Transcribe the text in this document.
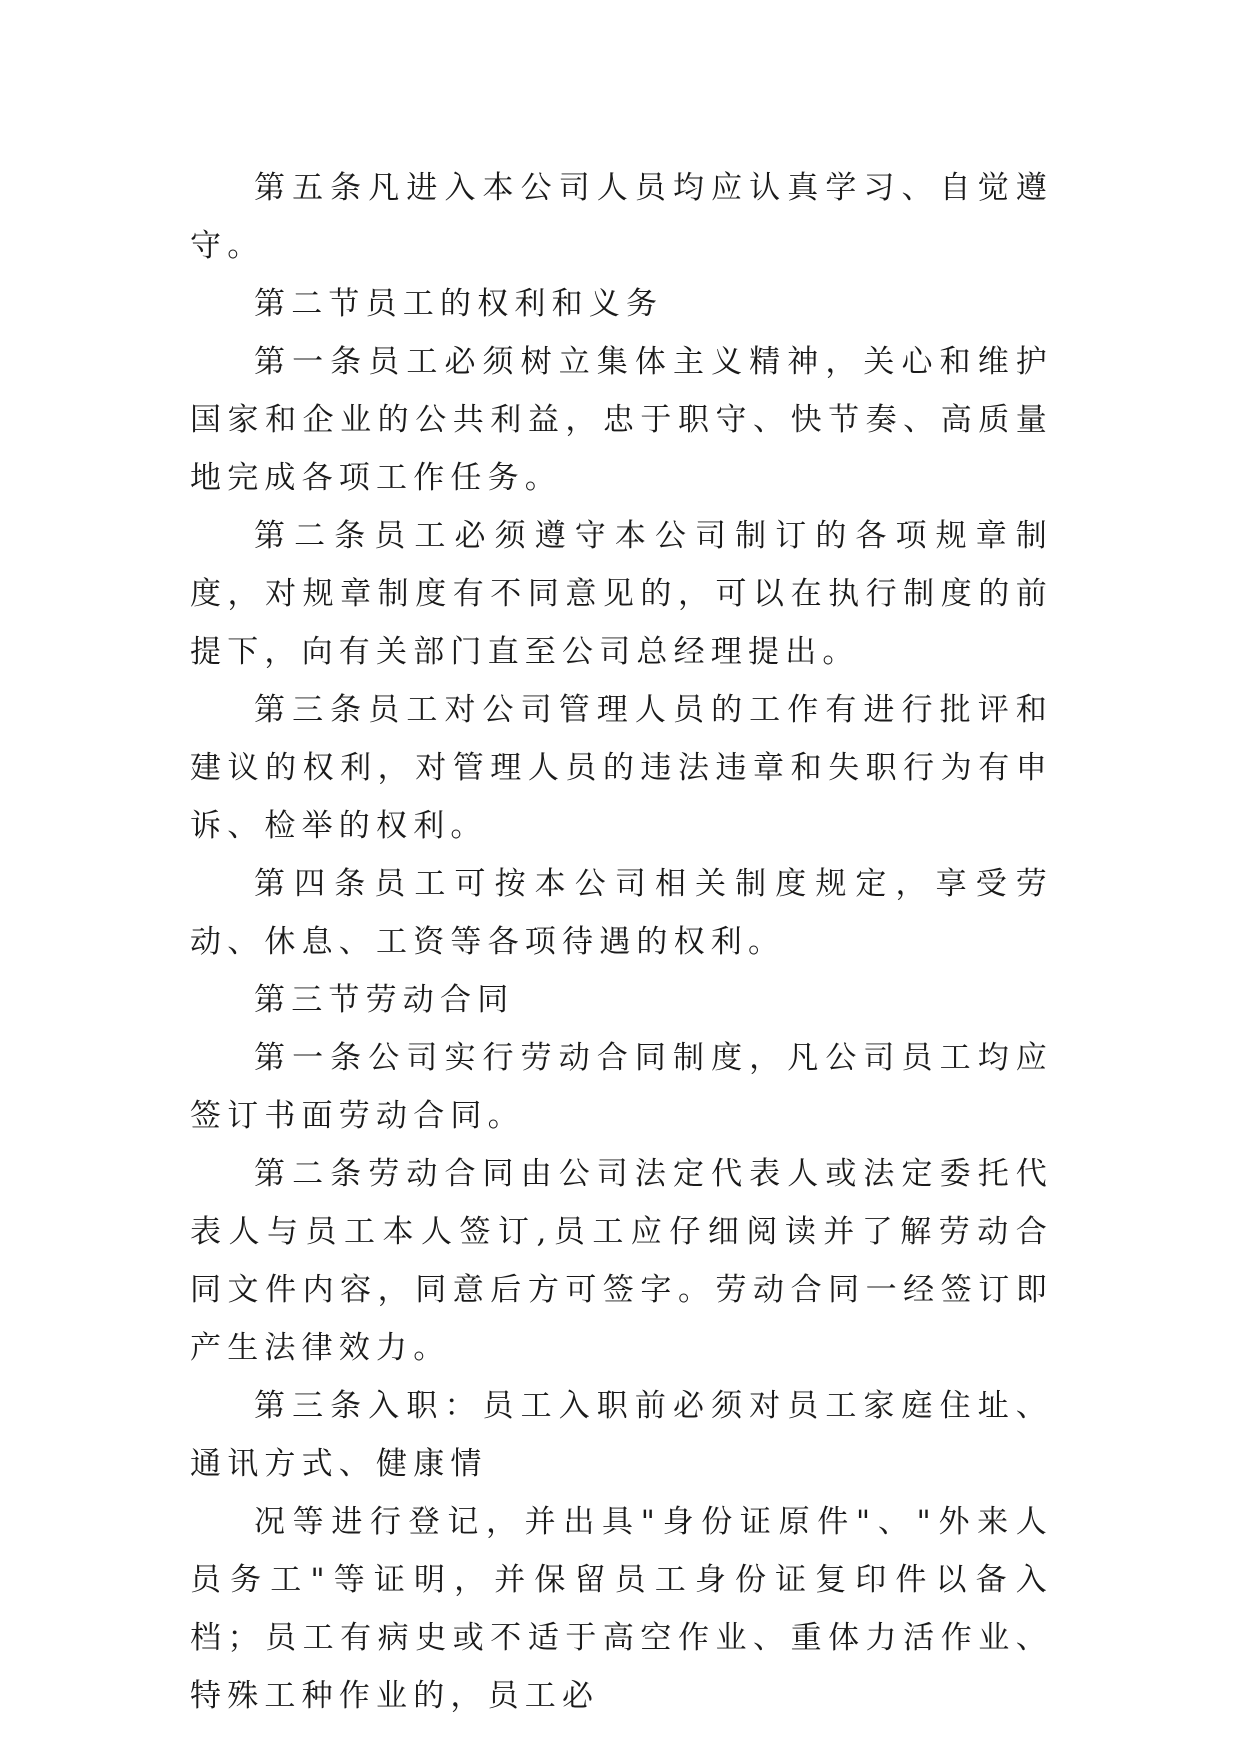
第五条凡进入本公司人员均应认真学习、自觉遵守。

第二节员工的权利和义务

第一条员工必须树立集体主义精神，关心和维护国家和企业的公共利益，忠于职守、快节奏、高质量地完成各项工作任务。

第二条员工必须遵守本公司制订的各项规章制度，对规章制度有不同意见的，可以在执行制度的前提下，向有关部门直至公司总经理提出。

第三条员工对公司管理人员的工作有进行批评和建议的权利，对管理人员的违法违章和失职行为有申诉、检举的权利。

第四条员工可按本公司相关制度规定，享受劳动、休息、工资等各项待遇的权利。

第三节劳动合同

第一条公司实行劳动合同制度，凡公司员工均应签订书面劳动合同。

第二条劳动合同由公司法定代表人或法定委托代表人与员工本人签订,员工应仔细阅读并了解劳动合同文件内容，同意后方可签字。劳动合同一经签订即产生法律效力。

第三条入职：员工入职前必须对员工家庭住址、通讯方式、健康情

况等进行登记，并出具"身份证原件"、"外来人员务工"等证明，并保留员工身份证复印件以备入档；员工有病史或不适于高空作业、重体力活作业、特殊工种作业的，员工必
